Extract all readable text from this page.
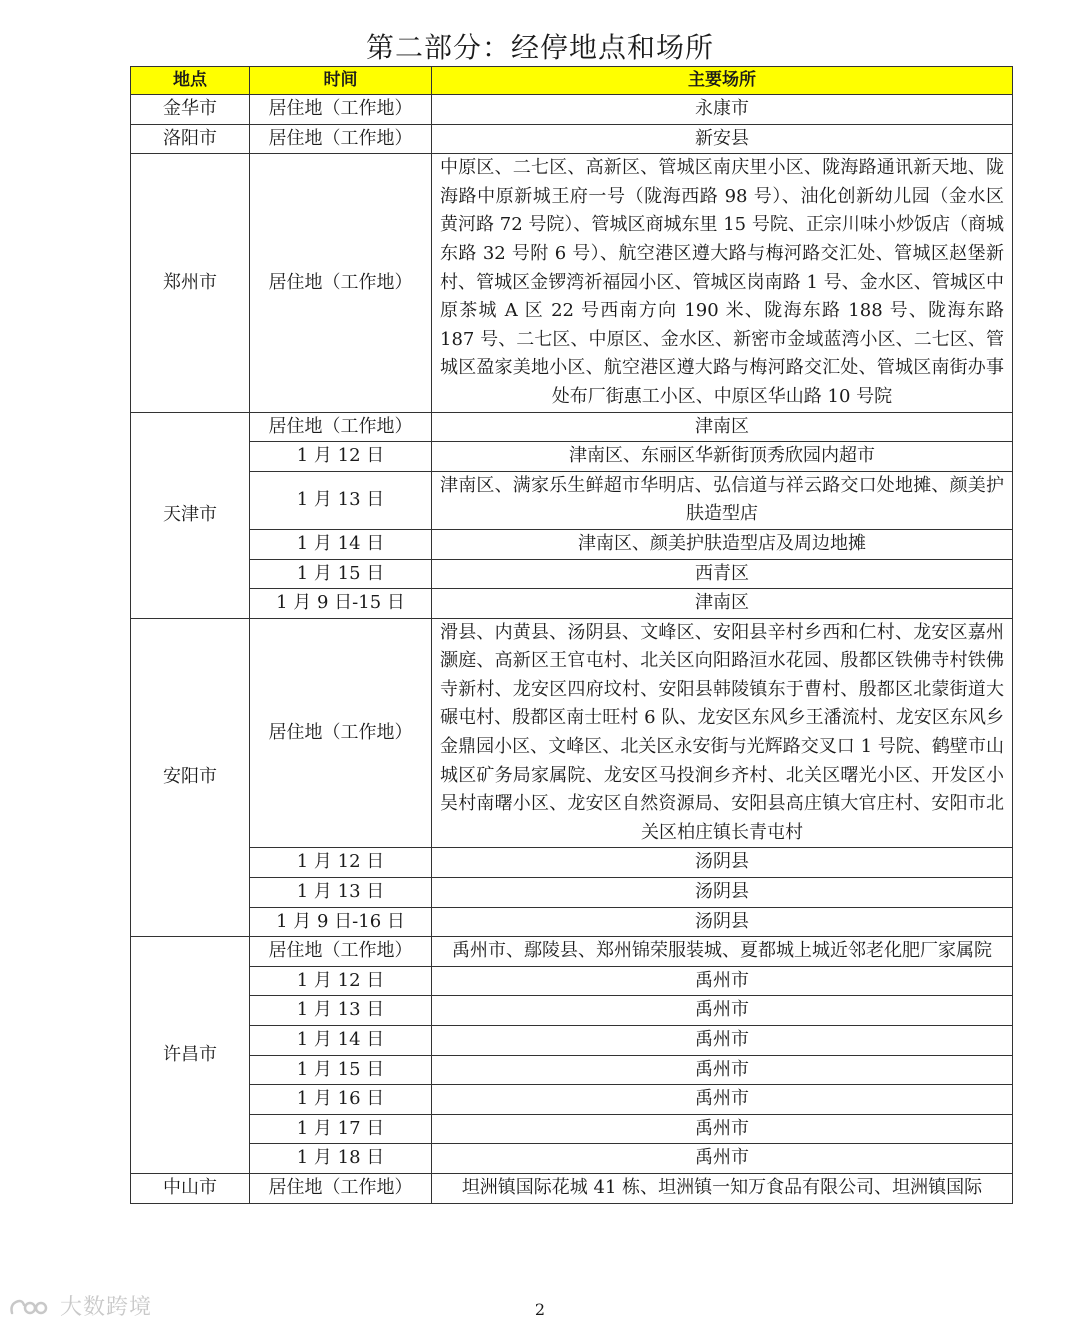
第二部分：经停地点和场所
地点	时间	主要场所
金华市	居住地（工作地）	永康市
洛阳市	居住地（工作地）	新安县
郑州市	居住地（工作地）	中原区、二七区、高新区、管城区南庆里小区、陇海路通讯新天地、陇海路中原新城王府一号（陇海西路 98 号）、油化创新幼儿园（金水区黄河路 72 号院）、管城区商城东里 15 号院、正宗川味小炒饭店（商城东路 32 号附 6 号）、航空港区遵大路与梅河路交汇处、管城区赵堡新村、管城区金锣湾祈福园小区、管城区岗南路 1 号、金水区、管城区中原茶城 A 区 22 号西南方向 190 米、陇海东路 188 号、陇海东路 187 号、二七区、中原区、金水区、新密市金域蓝湾小区、二七区、管城区盈家美地小区、航空港区遵大路与梅河路交汇处、管城区南街办事处布厂街惠工小区、中原区华山路 10 号院
天津市	居住地（工作地）	津南区
	1 月 12 日	津南区、东丽区华新街顶秀欣园内超市
	1 月 13 日	津南区、满家乐生鲜超市华明店、弘信道与祥云路交口处地摊、颜美护肤造型店
	1 月 14 日	津南区、颜美护肤造型店及周边地摊
	1 月 15 日	西青区
	1 月 9 日-15 日	津南区
安阳市	居住地（工作地）	滑县、内黄县、汤阴县、文峰区、安阳县辛村乡西和仁村、龙安区嘉州灏庭、高新区王官屯村、北关区向阳路洹水花园、殷都区铁佛寺村铁佛寺新村、龙安区四府坟村、安阳县韩陵镇东于曹村、殷都区北蒙街道大碾屯村、殷都区南士旺村 6 队、龙安区东风乡王潘流村、龙安区东风乡金鼎园小区、文峰区、北关区永安街与光辉路交叉口 1 号院、鹤壁市山城区矿务局家属院、龙安区马投涧乡齐村、北关区曙光小区、开发区小吴村南曙小区、龙安区自然资源局、安阳县高庄镇大官庄村、安阳市北关区柏庄镇长青屯村
	1 月 12 日	汤阴县
	1 月 13 日	汤阴县
	1 月 9 日-16 日	汤阴县
许昌市	居住地（工作地）	禹州市、鄢陵县、郑州锦荣服装城、夏都城上城近邻老化肥厂家属院
	1 月 12 日	禹州市
	1 月 13 日	禹州市
	1 月 14 日	禹州市
	1 月 15 日	禹州市
	1 月 16 日	禹州市
	1 月 17 日	禹州市
	1 月 18 日	禹州市
中山市	居住地（工作地）	坦洲镇国际花城 41 栋、坦洲镇一知万食品有限公司、坦洲镇国际
大数跨境	2
